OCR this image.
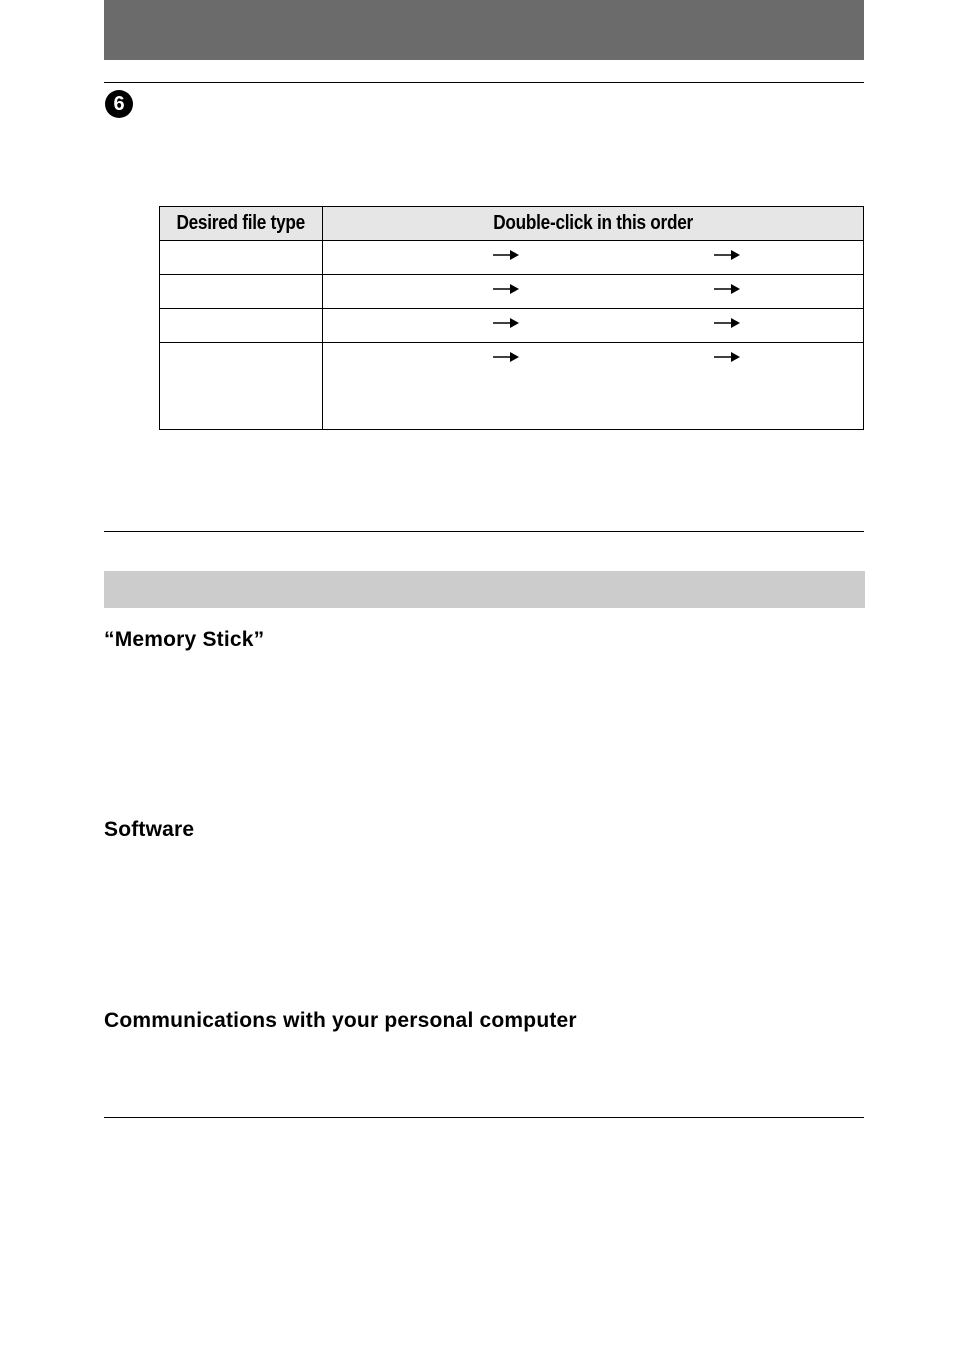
6
Desired file type	Double-click in this order

“Memory Stick”
Software
Communications with your personal computer
